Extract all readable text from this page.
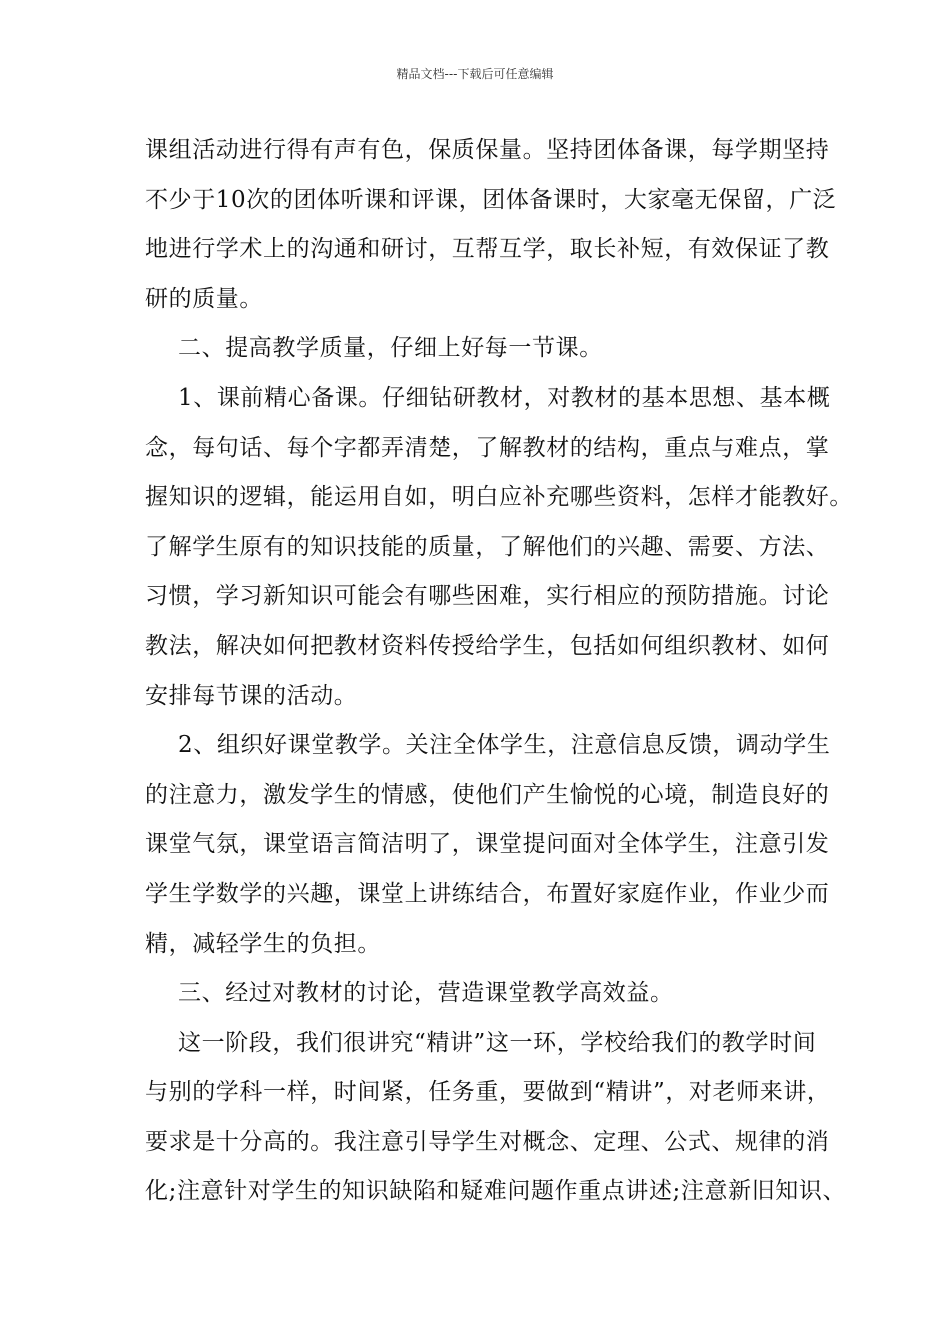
精品文档---下载后可任意编辑
课组活动进行得有声有色，保质保量。坚持团体备课，每学期坚持
不少于10次的团体听课和评课，团体备课时，大家毫无保留，广泛
地进行学术上的沟通和研讨，互帮互学，取长补短，有效保证了教
研的质量。
二、提高教学质量，仔细上好每一节课。
1、课前精心备课。仔细钻研教材，对教材的基本思想、基本概
念，每句话、每个字都弄清楚，了解教材的结构，重点与难点，掌
握知识的逻辑，能运用自如，明白应补充哪些资料，怎样才能教好。
了解学生原有的知识技能的质量，了解他们的兴趣、需要、方法、
习惯，学习新知识可能会有哪些困难，实行相应的预防措施。讨论
教法，解决如何把教材资料传授给学生，包括如何组织教材、如何
安排每节课的活动。
2、组织好课堂教学。关注全体学生，注意信息反馈，调动学生
的注意力，激发学生的情感，使他们产生愉悦的心境，制造良好的
课堂气氛，课堂语言简洁明了，课堂提问面对全体学生，注意引发
学生学数学的兴趣，课堂上讲练结合，布置好家庭作业，作业少而
精，减轻学生的负担。
三、经过对教材的讨论，营造课堂教学高效益。
这一阶段，我们很讲究“精讲”这一环，学校给我们的教学时间
与别的学科一样，时间紧，任务重，要做到“精讲”，对老师来讲，
要求是十分高的。我注意引导学生对概念、定理、公式、规律的消
化;注意针对学生的知识缺陷和疑难问题作重点讲述;注意新旧知识、
